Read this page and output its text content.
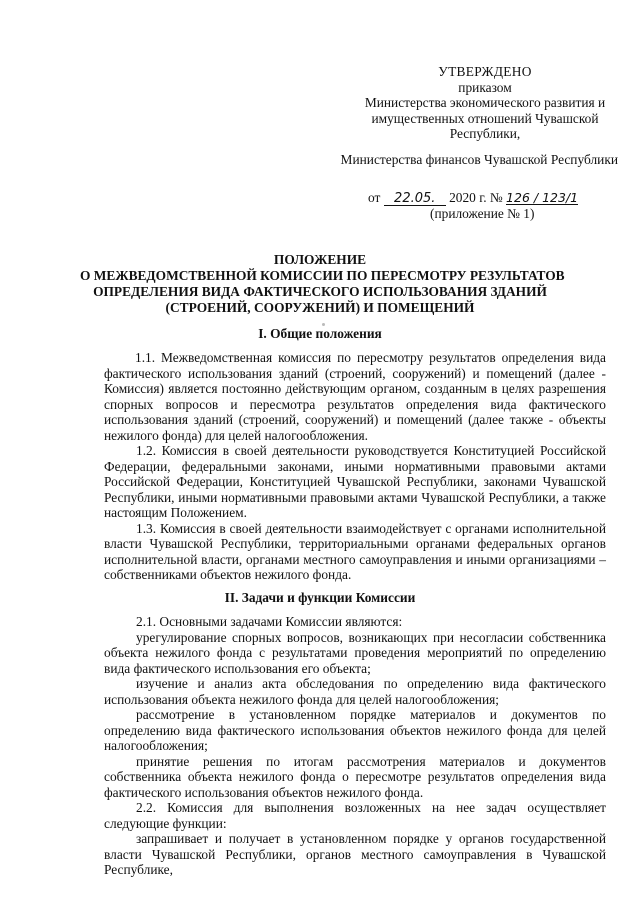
УТВЕРЖДЕНО
приказом
Министерства экономического развития и
имущественных отношений Чувашской
Республики,
Министерства финансов Чувашской Республики
от 22.05. 2020 г. № 126 / 123/1
(приложение № 1)
ПОЛОЖЕНИЕ
О МЕЖВЕДОМСТВЕННОЙ КОМИССИИ ПО ПЕРЕСМОТРУ РЕЗУЛЬТАТОВ
ОПРЕДЕЛЕНИЯ ВИДА ФАКТИЧЕСКОГО ИСПОЛЬЗОВАНИЯ ЗДАНИЙ
(СТРОЕНИЙ, СООРУЖЕНИЙ) И ПОМЕЩЕНИЙ
I. Общие положения

1.1. Межведомственная комиссия по пересмотру результатов определения вида фактического использования зданий (строений, сооружений) и помещений (далее - Комиссия) является постоянно действующим органом, созданным в целях разрешения спорных вопросов и пересмотра результатов определения вида фактического использования зданий (строений, сооружений) и помещений (далее также - объекты нежилого фонда) для целей налогообложения.

1.2. Комиссия в своей деятельности руководствуется Конституцией Российской Федерации, федеральными законами, иными нормативными правовыми актами Российской Федерации, Конституцией Чувашской Республики, законами Чувашской Республики, иными нормативными правовыми актами Чувашской Республики, а также настоящим Положением.

1.3. Комиссия в своей деятельности взаимодействует с органами исполнительной власти Чувашской Республики, территориальными органами федеральных органов исполнительной власти, органами местного самоуправления и иными организациями – собственниками объектов нежилого фонда.

II. Задачи и функции Комиссии

2.1. Основными задачами Комиссии являются:

урегулирование спорных вопросов, возникающих при несогласии собственника объекта нежилого фонда с результатами проведения мероприятий по определению вида фактического использования его объекта;

изучение и анализ акта обследования по определению вида фактического использования объекта нежилого фонда для целей налогообложения;

рассмотрение в установленном порядке материалов и документов по определению вида фактического использования объектов нежилого фонда для целей налогообложения;

принятие решения по итогам рассмотрения материалов и документов собственника объекта нежилого фонда о пересмотре результатов определения вида фактического использования объектов нежилого фонда.

2.2. Комиссия для выполнения возложенных на нее задач осуществляет следующие функции:

запрашивает и получает в установленном порядке у органов государственной власти Чувашской Республики, органов местного самоуправления в Чувашской Республике,
